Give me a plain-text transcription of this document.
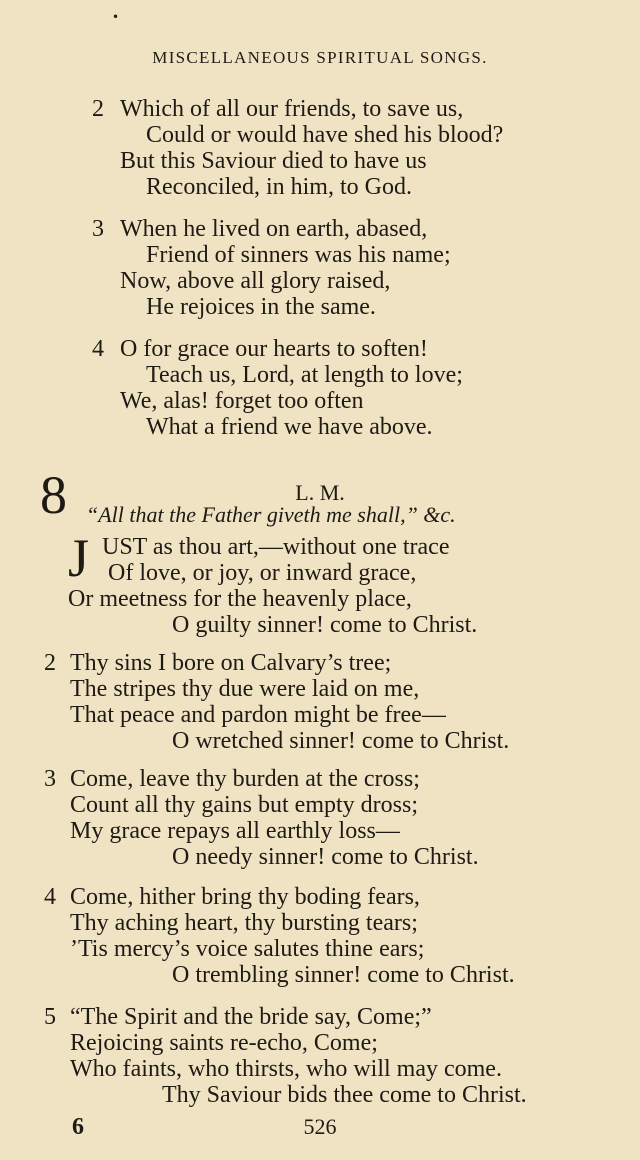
•
MISCELLANEOUS SPIRITUAL SONGS.
2 Which of all our friends, to save us,
Could or would have shed his blood?
But this Saviour died to have us
Reconciled, in him, to God.
3 When he lived on earth, abased,
Friend of sinners was his name;
Now, above all glory raised,
He rejoices in the same.
4 O for grace our hearts to soften!
Teach us, Lord, at length to love;
We, alas! forget too often
What a friend we have above.
8	L. M.
“All that the Father giveth me shall,” &c.
J UST as thou art,—without one trace
Of love, or joy, or inward grace,
Or meetness for the heavenly place,
O guilty sinner! come to Christ.
2 Thy sins I bore on Calvary’s tree;
The stripes thy due were laid on me,
That peace and pardon might be free—
O wretched sinner! come to Christ.
3 Come, leave thy burden at the cross;
Count all thy gains but empty dross;
My grace repays all earthly loss—
O needy sinner! come to Christ.
4 Come, hither bring thy boding fears,
Thy aching heart, thy bursting tears;
’Tis mercy’s voice salutes thine ears;
O trembling sinner! come to Christ.
5 “The Spirit and the bride say, Come;”
Rejoicing saints re-echo, Come;
Who faints, who thirsts, who will may come.
Thy Saviour bids thee come to Christ.
6	526
